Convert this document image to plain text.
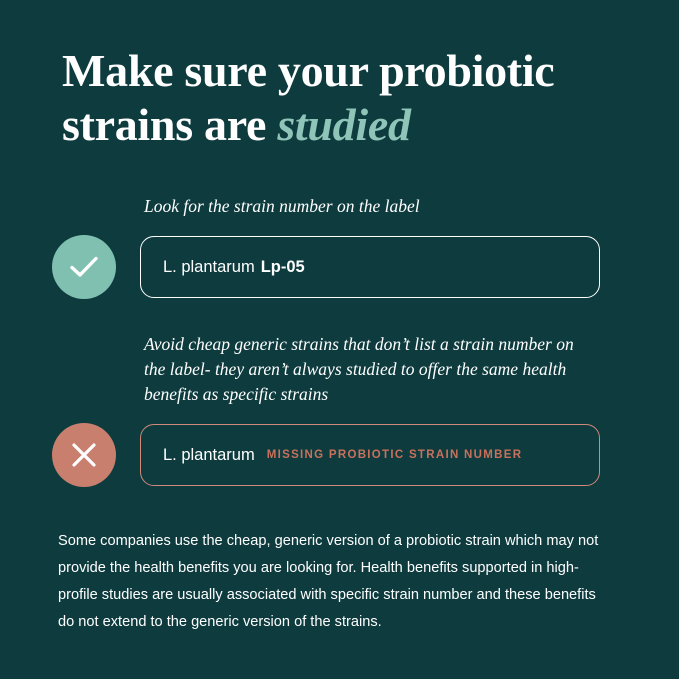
Make sure your probiotic
strains are studied
Look for the strain number on the label
L. plantarum Lp-05
Avoid cheap generic strains that don’t list a strain number on the label- they aren’t always studied to offer the same health benefits as specific strains
L. plantarum MISSING PROBIOTIC STRAIN NUMBER
Some companies use the cheap, generic version of a probiotic strain which may not provide the health benefits you are looking for. Health benefits supported in high-profile studies are usually associated with specific strain number and these benefits do not extend to the generic version of the strains.
